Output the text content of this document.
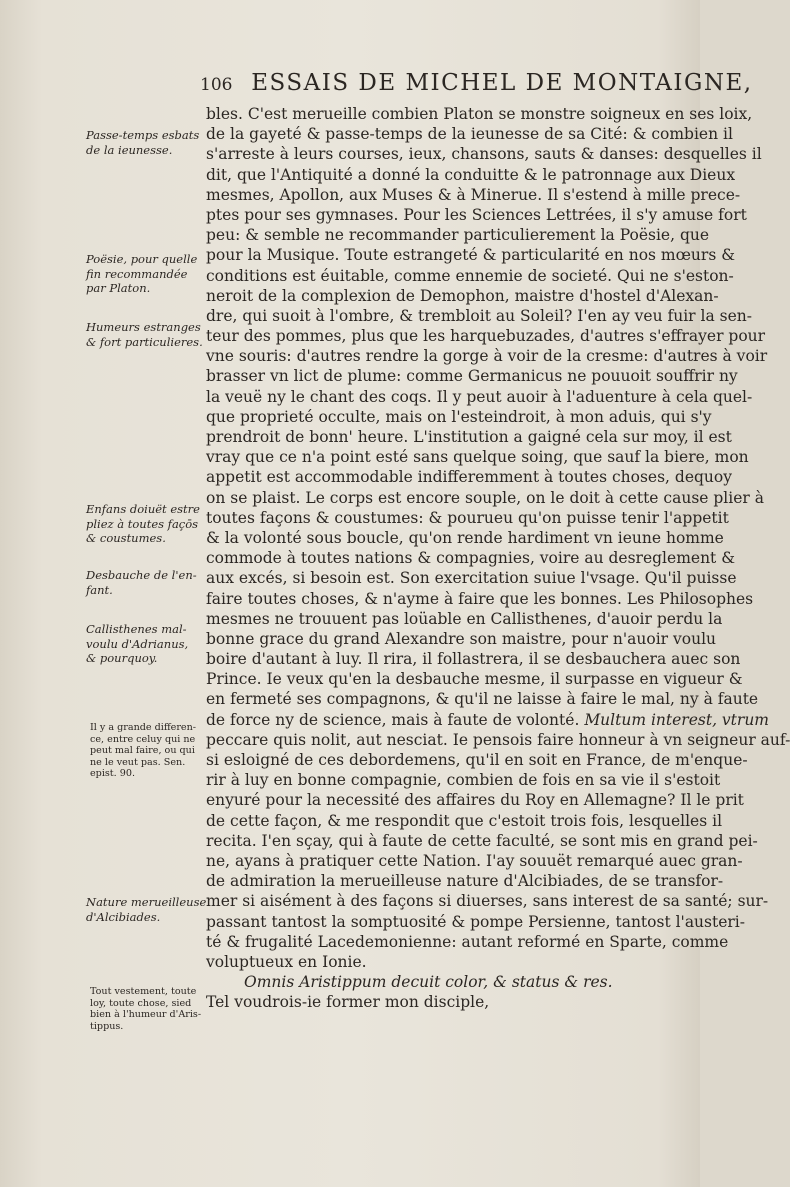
106 ESSAIS DE MICHEL DE MONTAIGNE,
bles. C'est merueille combien Platon se monstre soigneux en ses loix,
de la gayeté & passe-temps de la ieunesse de sa Cité: & combien il
s'arreste à leurs courses, ieux, chansons, sauts & danses: desquelles il
dit, que l'Antiquité a donné la conduitte & le patronnage aux Dieux
mesmes, Apollon, aux Muses & à Mineruе. Il s'estend à mille prece-
ptes pour ses gymnases. Pour les Sciences Lettrées, il s'y amuse fort
peu: & semble ne recommander particulierement la Poësie, que
pour la Musique. Toute estrangeté & particularité en nos mœurs &
conditions est éuitable, comme ennemie de societé. Qui ne s'eston-
neroit de la complexion de Demophon, maistre d'hostel d'Alexan-
dre, qui suoit à l'ombre, & trembloit au Soleil? I'en ay veu fuir la sen-
teur des pommes, plus que les harquebuzades, d'autres s'effrayer pour
vne souris: d'autres rendre la gorge à voir de la cresme: d'autres à voir
brasser vn lict de plume: comme Germanicus ne pouuoit souffrir ny
la veuë ny le chant des coqs. Il y peut auoir à l'aduenture à cela quel-
que proprieté occulte, mais on l'esteindroit, à mon aduis, qui s'y
prendroit de bonn' heure. L'institution a gaigné cela sur moy, il est
vray que ce n'a point esté sans quelque soing, que sauf la biere, mon
appetit est accommodable indifferemment à toutes choses, dequoy
on se plaist. Le corps est encore souple, on le doit à cette cause plier à
toutes façons & coustumes: & pourueu qu'on puisse tenir l'appetit
& la volonté sous boucle, qu'on rende hardiment vn ieune homme
commode à toutes nations & compagnies, voire au desreglement &
aux excés, si besoin est. Son exercitation suiue l'vsage. Qu'il puisse
faire toutes choses, & n'ayme à faire que les bonnes. Les Philosophes
mesmes ne trouuent pas loüable en Callisthenes, d'auoir perdu la
bonne grace du grand Alexandre son maistre, pour n'auoir voulu
boire d'autant à luy. Il rira, il follastrera, il se desbauchera auec son
Prince. Ie veux qu'en la desbauche mesme, il surpasse en vigueur &
en fermeté ses compagnons, & qu'il ne laisse à faire le mal, ny à faute
de force ny de science, mais à faute de volonté. Multum interest, vtrum
peccare quis nolit, aut nesciat. Ie pensois faire honneur à vn seigneur auf-
si esloigné de ces debordemens, qu'il en soit en France, de m'enque-
rir à luy en bonne compagnie, combien de fois en sa vie il s'estoit
enyuré pour la necessité des affaires du Roy en Allemagne? Il le prit
de cette façon, & me respondit que c'estoit trois fois, lesquelles il
recita. I'en sçay, qui à faute de cette faculté, se sont mis en grand pei-
ne, ayans à pratiquer cette Nation. I'ay souuët remarqué auec gran-
de admiration la merueilleuse nature d'Alcibiades, de se transfor-
mer si aisément à des façons si diuerses, sans interest de sa santé; sur-
passant tantost la somptuosité & pompe Persienne, tantost l'austeri-
té & frugalité Lacedemonienne: autant reformé en Sparte, comme
voluptueux en Ionie.
Omnis Aristippum decuit color, & status & res.
Tel voudrois-ie former mon disciple,
Passe-temps esbats
de la ieunesse.
Poësie, pour quelle
fin recommandée
par Platon.
Humeurs estranges
& fort particulieres.
Enfans doiuët estre
pliez à toutes façōs
& coustumes.
Desbauche de l'en-
fant.
Callisthenes mal-
voulu d'Adrianus,
& pourquoy.
Il y a grande differen-
ce, entre celuy qui ne
peut mal faire, ou qui
ne le veut pas. Sen.
epist. 90.
Nature merueilleuse
d'Alcibiades.
Tout vestement, toute
loy, toute chose, sied
bien à l'humeur d'Aris-
tippus.
